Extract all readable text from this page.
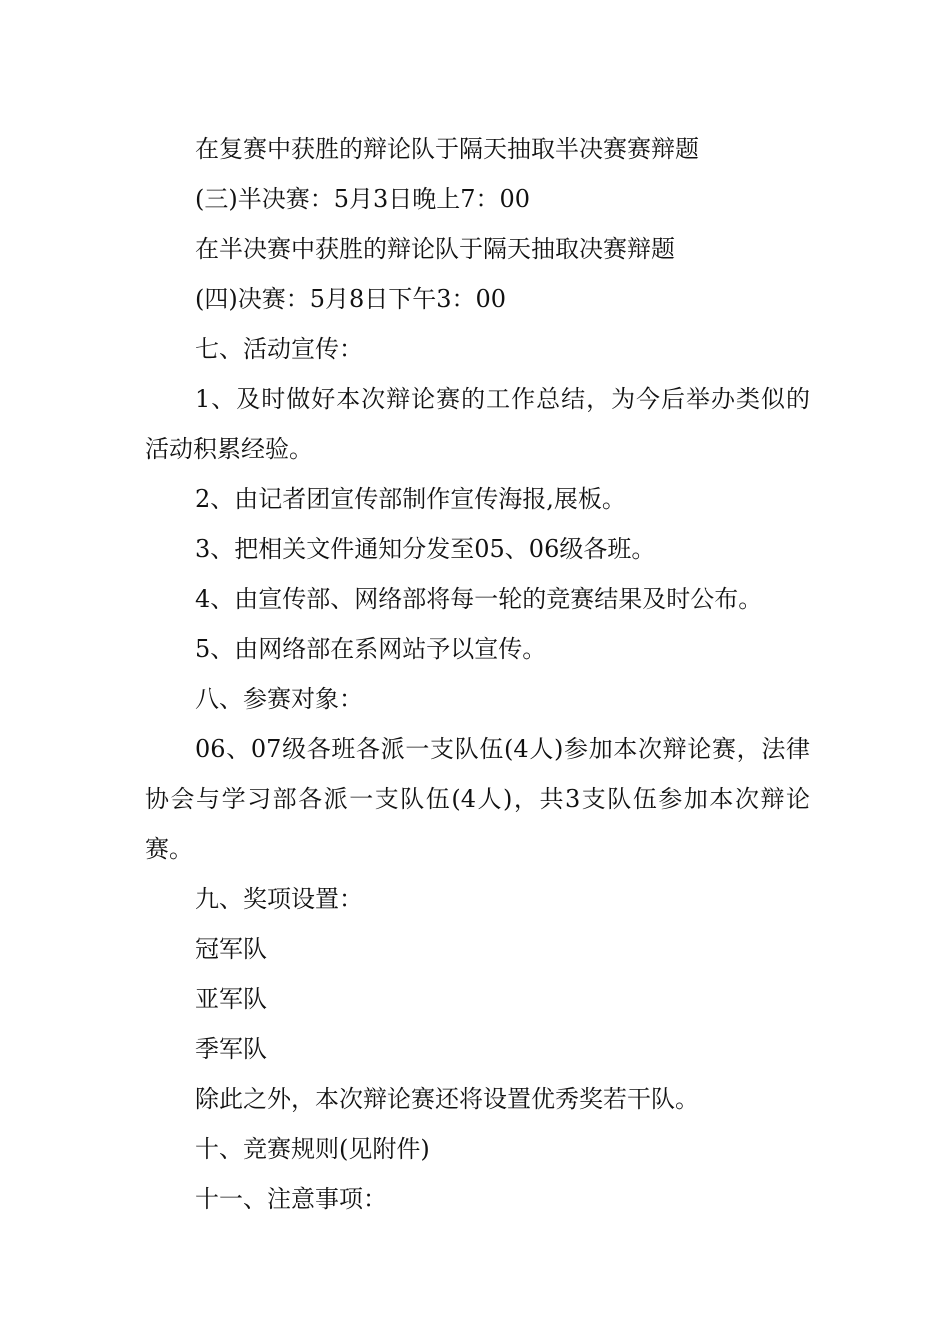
在复赛中获胜的辩论队于隔天抽取半决赛赛辩题

(三)半决赛：5月3日晚上7：00

在半决赛中获胜的辩论队于隔天抽取决赛辩题

(四)决赛：5月8日下午3：00

七、活动宣传：

1、及时做好本次辩论赛的工作总结，为今后举办类似的活动积累经验。

2、由记者团宣传部制作宣传海报,展板。

3、把相关文件通知分发至05、06级各班。

4、由宣传部、网络部将每一轮的竞赛结果及时公布。

5、由网络部在系网站予以宣传。

八、参赛对象：

06、07级各班各派一支队伍(4人)参加本次辩论赛，法律协会与学习部各派一支队伍(4人)，共3支队伍参加本次辩论赛。

九、奖项设置：

冠军队

亚军队

季军队

除此之外，本次辩论赛还将设置优秀奖若干队。

十、竞赛规则(见附件)

十一、注意事项：
